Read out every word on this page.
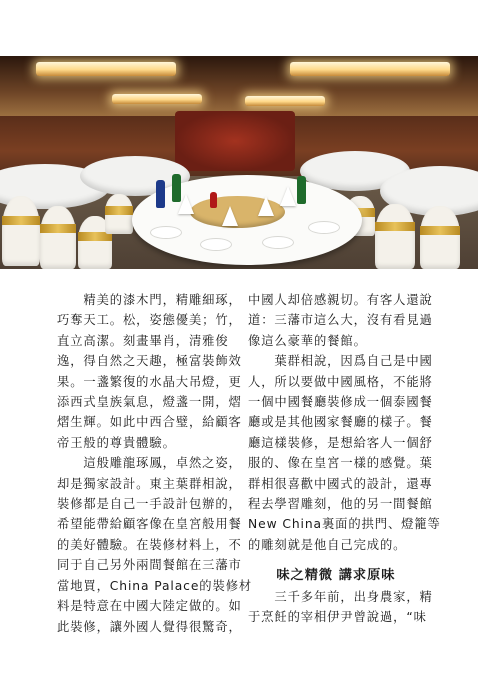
　　精美的漆木門，精雕細琢，

巧奪天工。松，姿態優美；竹，

直立高潔。刻畫畢肖，清雅俊

逸，得自然之天趣，極富裝飾效

果。一盞繁復的水晶大吊燈，更

添西式皇族氣息，燈盞一開，熠

熠生輝。如此中西合璧，給顧客

帝王般的尊貴體驗。

　　這般雕龍琢鳳，卓然之姿，

却是獨家設計。東主葉群相說，

裝修都是自己一手設計包辦的，

希望能帶給顧客像在皇宮般用餐

的美好體驗。在裝修材料上，不

同于自己另外兩間餐館在三藩市

當地買，China Palace的裝修材

料是特意在中國大陸定做的。如

此裝修，讓外國人覺得很驚奇，

中國人却倍感親切。有客人還說

道：三藩市這么大，沒有看見過

像這么豪華的餐館。

　　葉群相說，因爲自己是中國

人，所以要做中國風格，不能將

一個中國餐廳裝修成一個泰國餐

廳或是其他國家餐廳的樣子。餐

廳這樣裝修，是想給客人一個舒

服的、像在皇宮一樣的感覺。葉

群相很喜歡中國式的設計，還專

程去學習雕刻，他的另一間餐館

New China裏面的拱門、燈籠等

的雕刻就是他自己完成的。

　　味之精微 講求原味

　　三千多年前，出身農家，精

于烹飪的宰相伊尹曾說過，“味
